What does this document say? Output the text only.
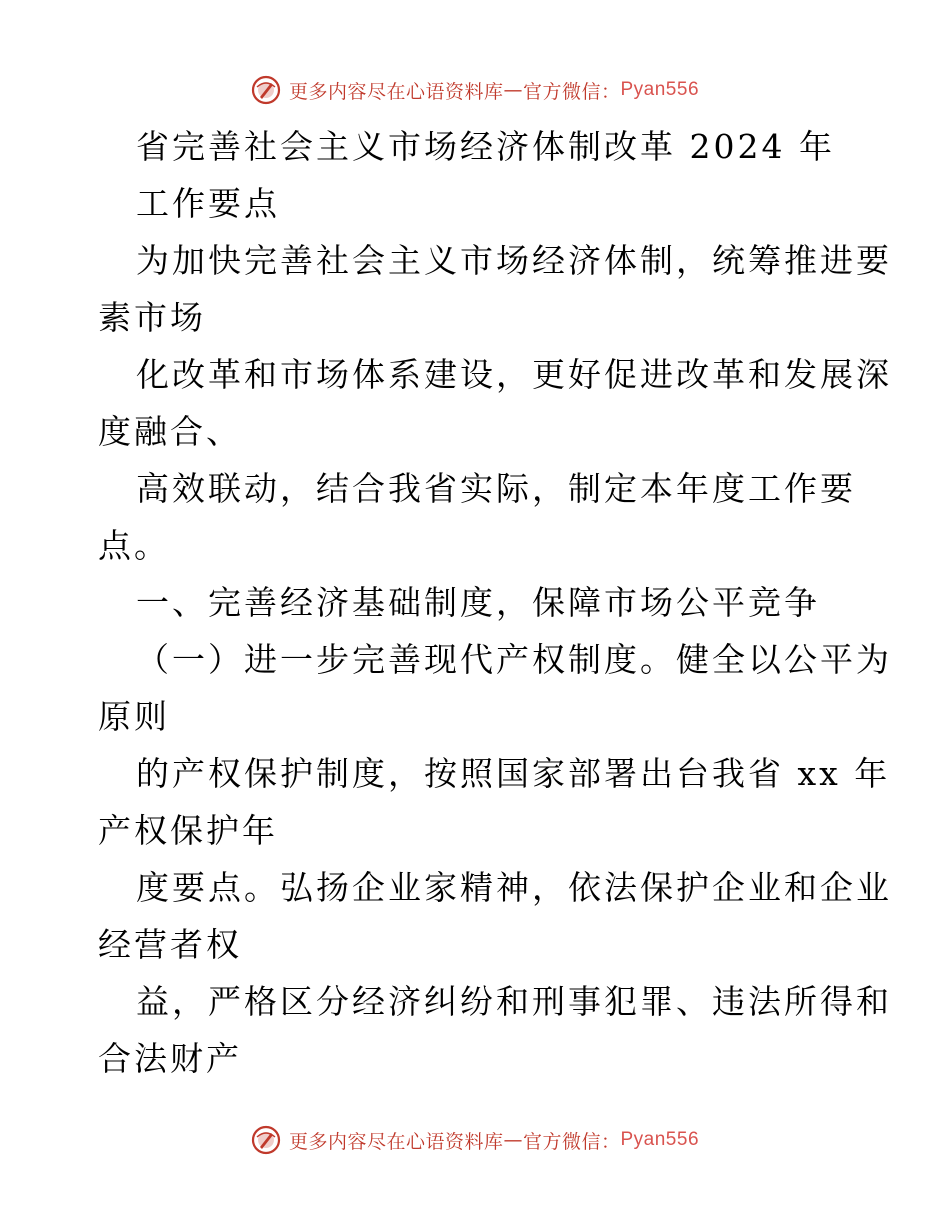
更多内容尽在心语资料库 — 官方微信： Pyan556
省完善社会主义市场经济体制改革 2024 年
工作要点
为加快完善社会主义市场经济体制，统筹推进要
素市场
化改革和市场体系建设，更好促进改革和发展深
度融合、
高效联动，结合我省实际，制定本年度工作要
点。
一、完善经济基础制度，保障市场公平竞争
（一）进一步完善现代产权制度。健全以公平为
原则
的产权保护制度，按照国家部署出台我省 xx 年
产权保护年
度要点。弘扬企业家精神，依法保护企业和企业
经营者权
益，严格区分经济纠纷和刑事犯罪、违法所得和
合法财产
更多内容尽在心语资料库 — 官方微信： Pyan556
